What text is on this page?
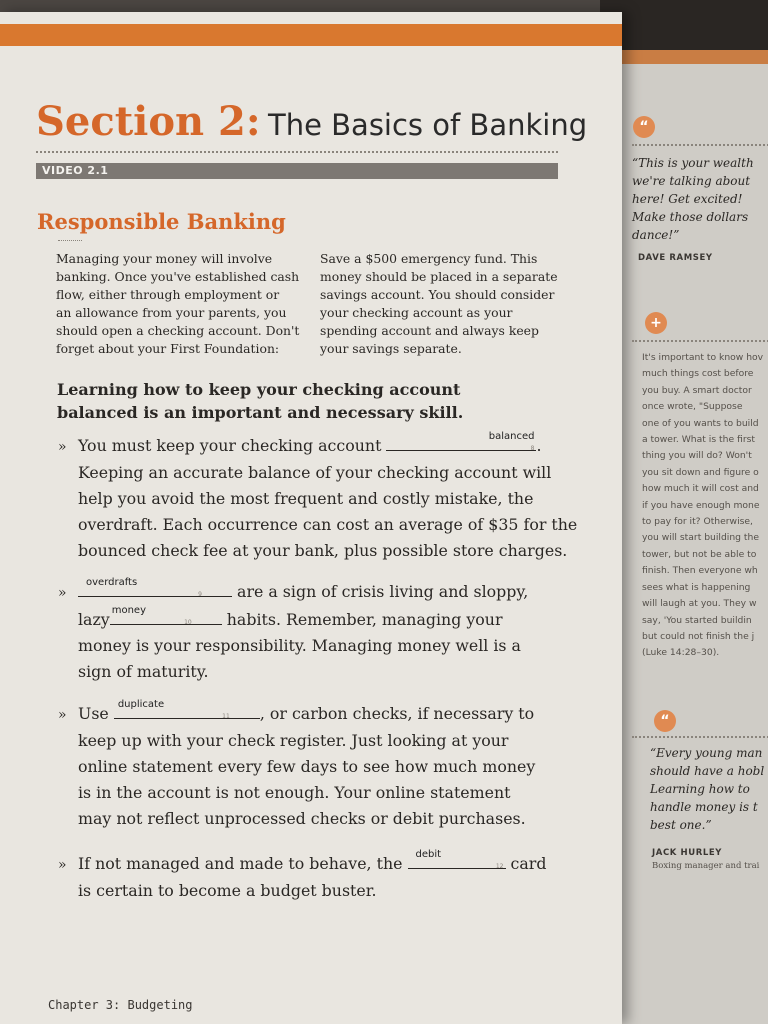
Section 2: The Basics of Banking
VIDEO 2.1
Responsible Banking

Managing your money will involve

banking. Once you've established cash

flow, either through employment or

an allowance from your parents, you

should open a checking account. Don't

forget about your First Foundation:

Save a $500 emergency fund. This

money should be placed in a separate

savings account. You should consider

your checking account as your

spending account and always keep

your savings separate.

Learning how to keep your checking account

balanced is an important and necessary skill.

» You must keep your checking account	balanced
8 .

Keeping an accurate balance of your checking account will

help you avoid the most frequent and costly mistake, the

overdraft. Each occurrence can cost an average of $35 for the

bounced check fee at your bank, plus possible store charges.

»
overdrafts
9 are a sign of crisis living and sloppy,

lazy money
10 habits. Remember, managing your

money is your responsibility. Managing money well is a

sign of maturity.

» Use duplicate
11 , or carbon checks, if necessary to

keep up with your check register. Just looking at your

online statement every few days to see how much money

is in the account is not enough. Your online statement

may not reflect unprocessed checks or debit purchases.

» If not managed and made to behave, the debit
12 card

is certain to become a budget buster.

Chapter 3: Budgeting
“

“This is your wealth

we're talking about

here! Get excited!

Make those dollars

dance!”

DAVE RAMSEY
+

It's important to know hov

much things cost before

you buy. A smart doctor

once wrote, "Suppose

one of you wants to build

a tower. What is the first

thing you will do? Won't

you sit down and figure o

how much it will cost and

if you have enough mone

to pay for it? Otherwise,

you will start building the

tower, but not be able to

finish. Then everyone wh

sees what is happening

will laugh at you. They w

say, 'You started buildin

but could not finish the j

(Luke 14:28–30).

“

“Every young man

should have a hobl

Learning how to

handle money is t

best one.”

JACK HURLEY
Boxing manager and trai
